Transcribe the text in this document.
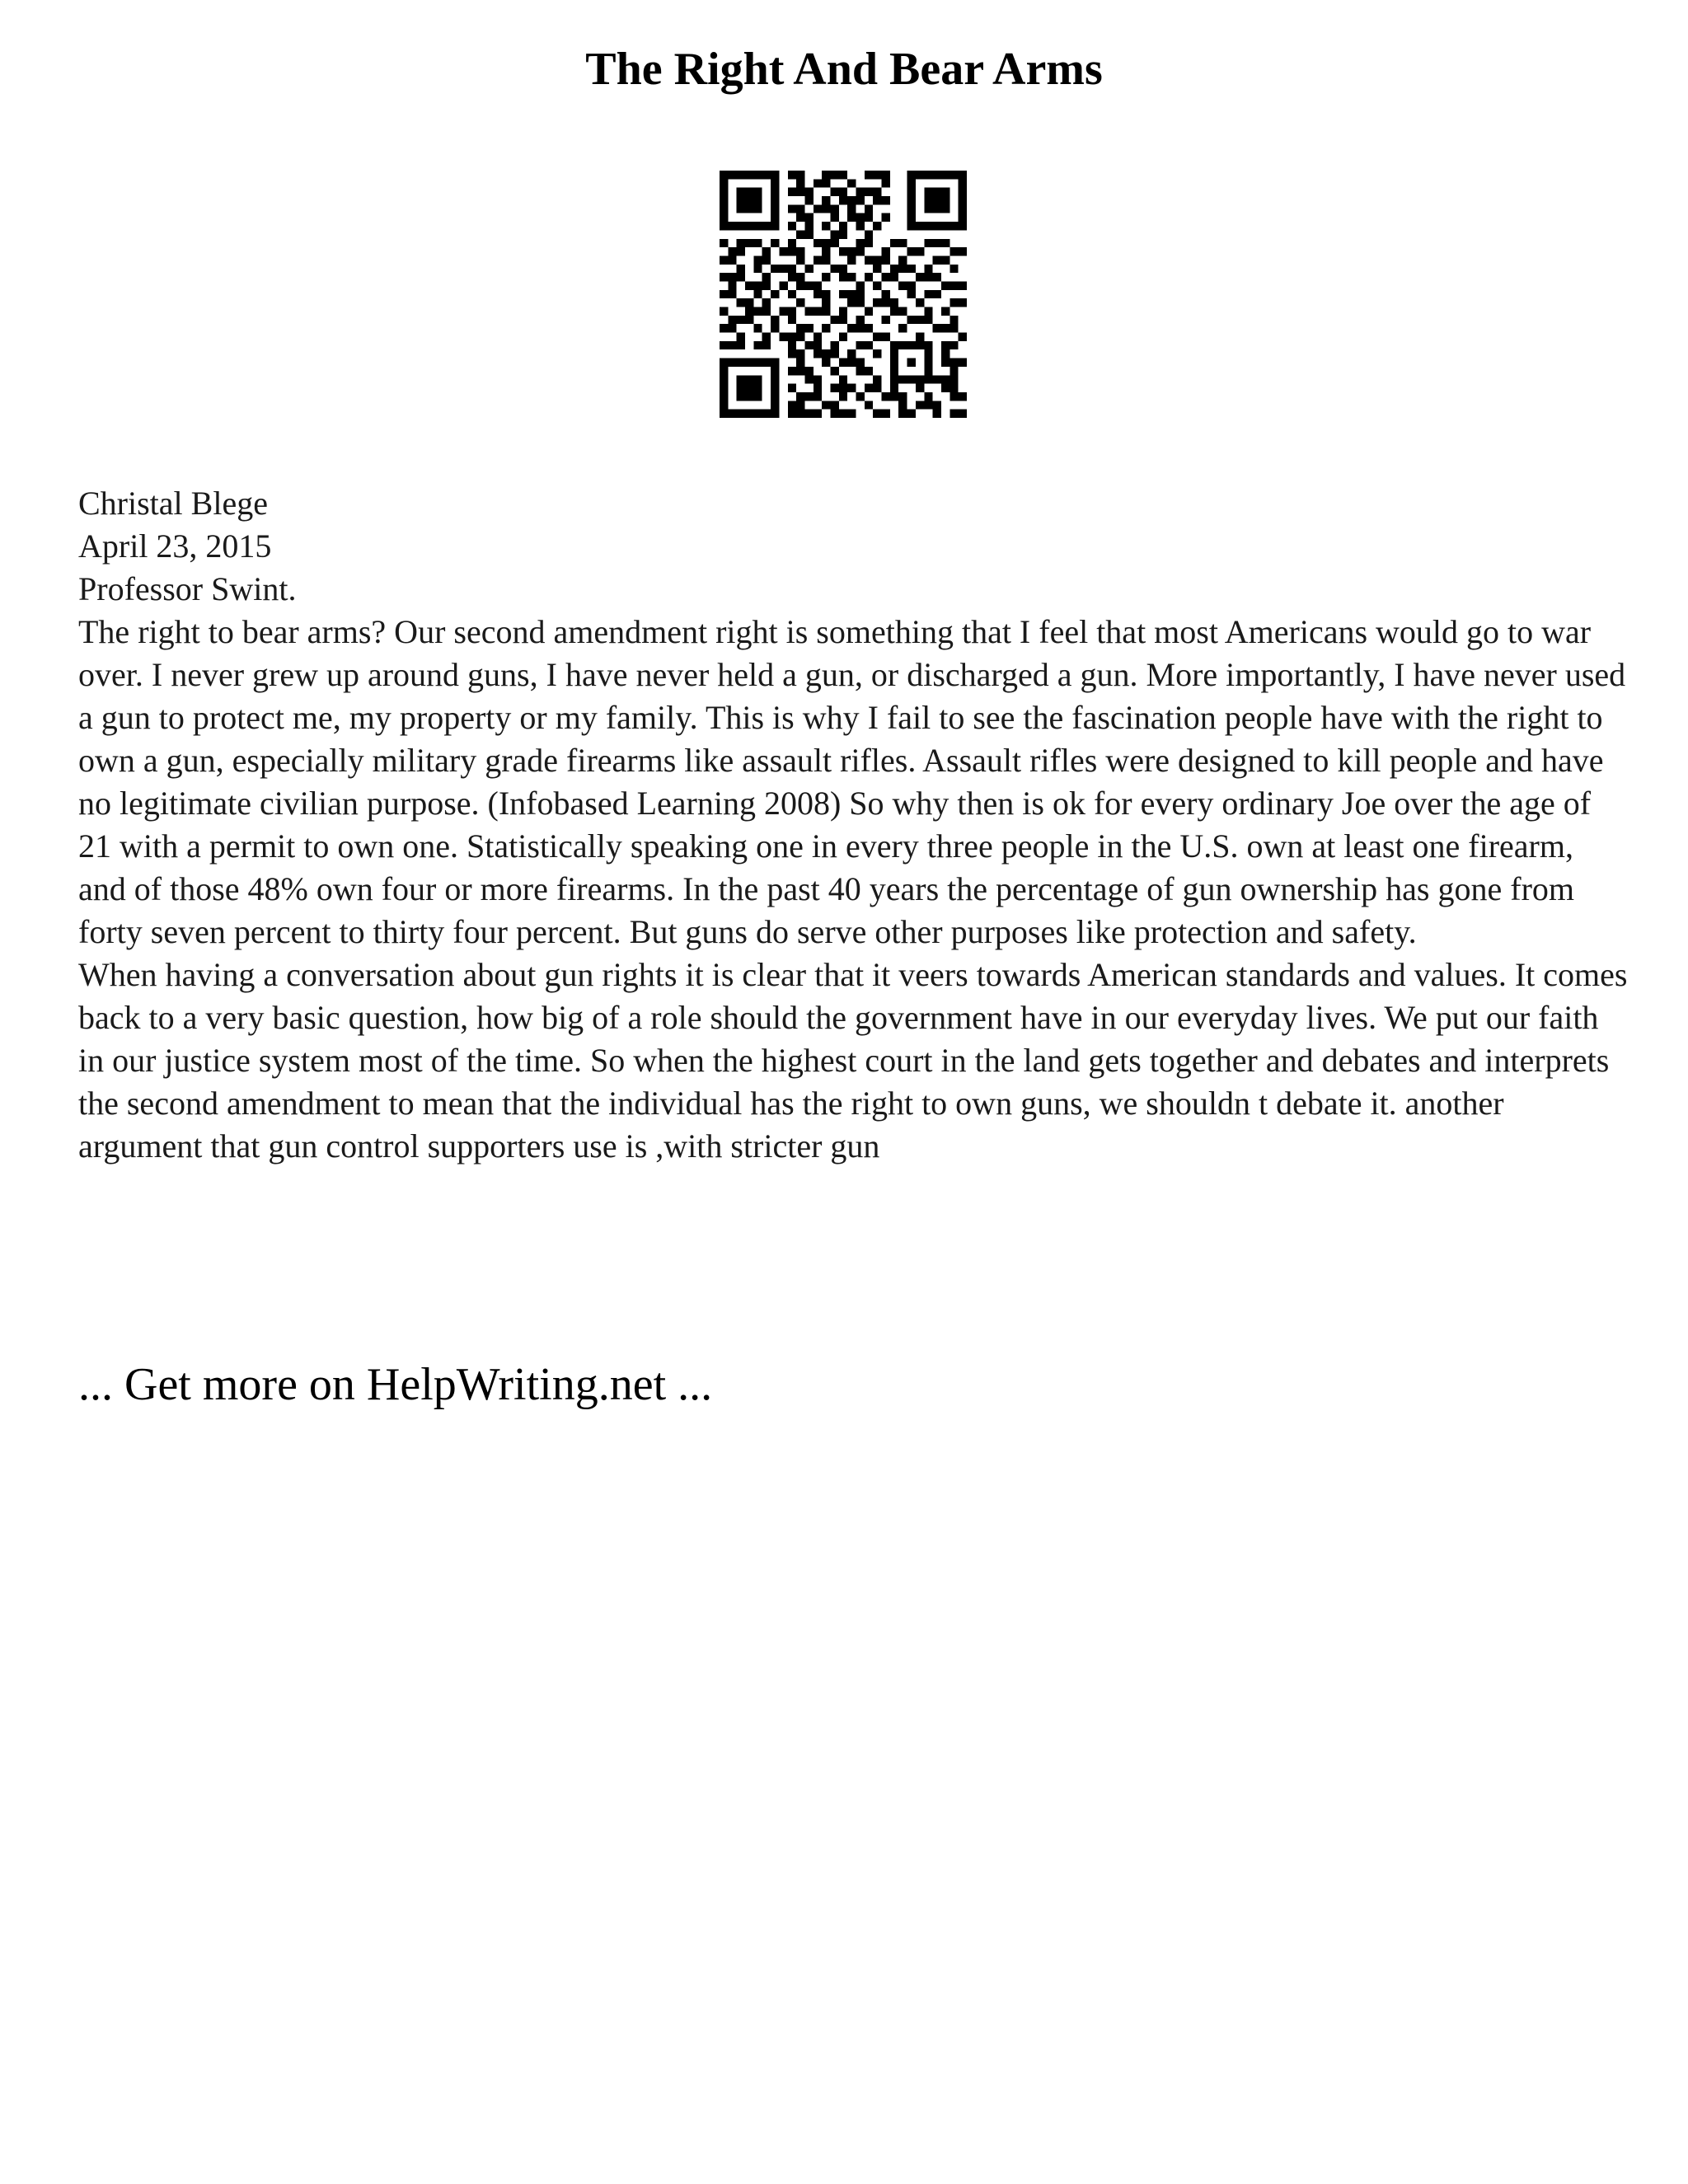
The Right And Bear Arms
Christal Blege
April 23, 2015
Professor Swint.

The right to bear arms? Our second amendment right is something that I feel that most Americans would go to war over. I never grew up around guns, I have never held a gun, or discharged a gun. More importantly, I have never used a gun to protect me, my property or my family. This is why I fail to see the fascination people have with the right to own a gun, especially military grade firearms like assault rifles. Assault rifles were designed to kill people and have no legitimate civilian purpose. (Infobased Learning 2008) So why then is ok for every ordinary Joe over the age of 21 with a permit to own one. Statistically speaking one in every three people in the U.S. own at least one firearm, and of those 48% own four or more firearms. In the past 40 years the percentage of gun ownership has gone from forty seven percent to thirty four percent. But guns do serve other purposes like protection and safety.

When having a conversation about gun rights it is clear that it veers towards American standards and values. It comes back to a very basic question, how big of a role should the government have in our everyday lives. We put our faith in our justice system most of the time. So when the highest court in the land gets together and debates and interprets the second amendment to mean that the individual has the right to own guns, we shouldn t debate it. another argument that gun control supporters use is ,with stricter gun

... Get more on HelpWriting.net ...
